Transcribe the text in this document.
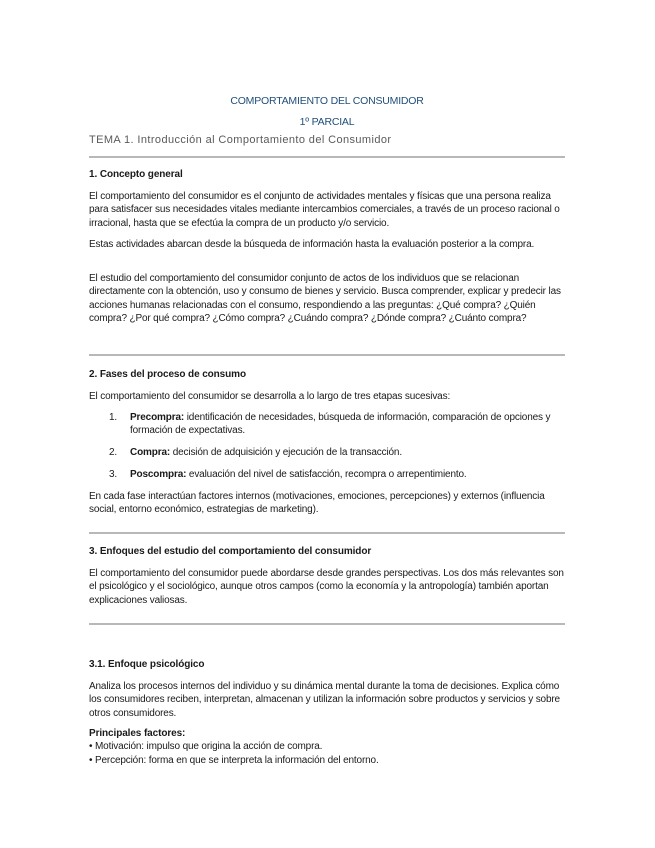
COMPORTAMIENTO DEL CONSUMIDOR
1º PARCIAL
TEMA 1. Introducción al Comportamiento del Consumidor
1. Concepto general

El comportamiento del consumidor es el conjunto de actividades mentales y físicas que una persona realiza para satisfacer sus necesidades vitales mediante intercambios comerciales, a través de un proceso racional o irracional, hasta que se efectúa la compra de un producto y/o servicio.

Estas actividades abarcan desde la búsqueda de información hasta la evaluación posterior a la compra.

El estudio del comportamiento del consumidor conjunto de actos de los individuos que se relacionan directamente con la obtención, uso y consumo de bienes y servicio. Busca comprender, explicar y predecir las acciones humanas relacionadas con el consumo, respondiendo a las preguntas: ¿Qué compra? ¿Quién compra? ¿Por qué compra? ¿Cómo compra? ¿Cuándo compra? ¿Dónde compra? ¿Cuánto compra?

2. Fases del proceso de consumo

El comportamiento del consumidor se desarrolla a lo largo de tres etapas sucesivas:

1. Precompra: identificación de necesidades, búsqueda de información, comparación de opciones y formación de expectativas.
2. Compra: decisión de adquisición y ejecución de la transacción.
3. Poscompra: evaluación del nivel de satisfacción, recompra o arrepentimiento.

En cada fase interactúan factores internos (motivaciones, emociones, percepciones) y externos (influencia social, entorno económico, estrategias de marketing).

3. Enfoques del estudio del comportamiento del consumidor

El comportamiento del consumidor puede abordarse desde grandes perspectivas. Los dos más relevantes son el psicológico y el sociológico, aunque otros campos (como la economía y la antropología) también aportan explicaciones valiosas.

3.1. Enfoque psicológico

Analiza los procesos internos del individuo y su dinámica mental durante la toma de decisiones. Explica cómo los consumidores reciben, interpretan, almacenan y utilizan la información sobre productos y servicios y sobre otros consumidores.

Principales factores:
• Motivación: impulso que origina la acción de compra.
• Percepción: forma en que se interpreta la información del entorno.
